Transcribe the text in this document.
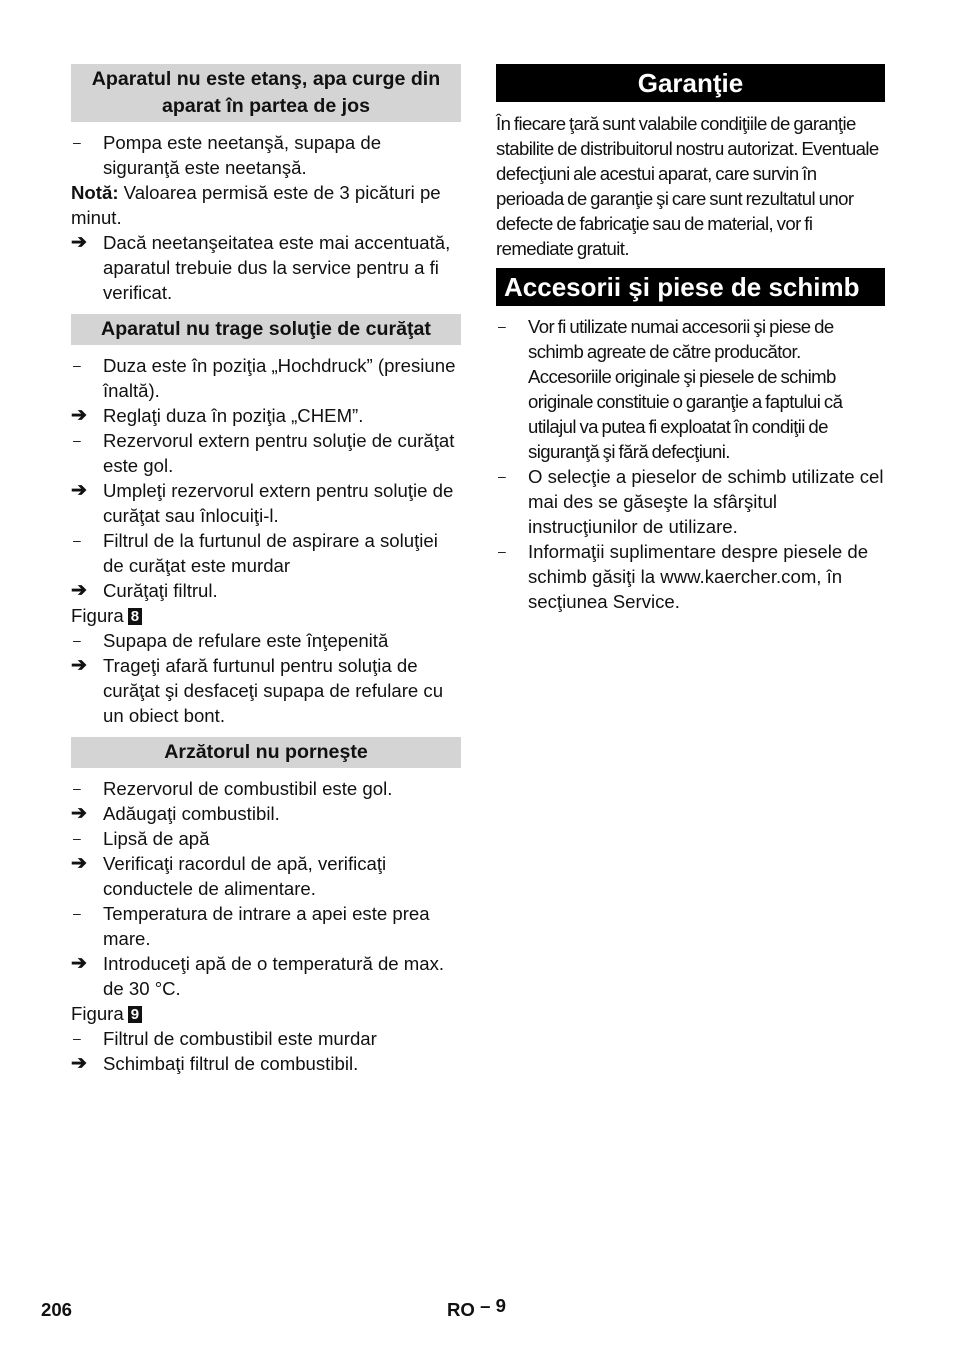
Aparatul nu este etanş, apa curge din aparat în partea de jos
–	Pompa este neetanşă, supapa de siguranţă este neetanşă.
Notă: Valoarea permisă este de 3 picături pe minut.
➔ Dacă neetanşeitatea este mai accentuată, aparatul trebuie dus la service pentru a fi verificat.
Aparatul nu trage soluţie de curăţat
–	Duza este în poziţia „Hochdruck” (presiune înaltă).
➔ Reglaţi duza în poziţia „CHEM”.
–	Rezervorul extern pentru soluţie de curăţat este gol.
➔ Umpleţi rezervorul extern pentru soluţie de curăţat sau înlocuiţi-l.
–	Filtrul de la furtunul de aspirare a soluţiei de curăţat este murdar
➔ Curăţaţi filtrul.
Figura 8
–	Supapa de refulare este înţepenită
➔ Trageţi afară furtunul pentru soluţia de curăţat şi desfaceţi supapa de refulare cu un obiect bont.
Arzătorul nu porneşte
–	Rezervorul de combustibil este gol.
➔ Adăugaţi combustibil.
–	Lipsă de apă
➔ Verificaţi racordul de apă, verificaţi conductele de alimentare.
–	Temperatura de intrare a apei este prea mare.
➔ Introduceţi apă de o temperatură de max. de 30 °C.
Figura 9
–	Filtrul de combustibil este murdar
➔ Schimbaţi filtrul de combustibil.
Garanţie
În fiecare ţară sunt valabile condiţiile de garanţie stabilite de distribuitorul nostru autorizat. Eventuale defecţiuni ale acestui aparat, care survin în perioada de garanţie şi care sunt rezultatul unor defecte de fabricaţie sau de material, vor fi remediate gratuit.
Accesorii şi piese de schimb
–	Vor fi utilizate numai accesorii şi piese de schimb agreate de către producător. Accesoriile originale şi piesele de schimb originale constituie o garanţie a faptului că utilajul va putea fi exploatat în condiţii de siguranţă şi fără defecţiuni.
–	O selecţie a pieselor de schimb utilizate cel mai des se găseşte la sfârşitul instrucţiunilor de utilizare.
–	Informaţii suplimentare despre piesele de schimb găsiţi la www.kaercher.com, în secţiunea Service.
206	RO – 9
